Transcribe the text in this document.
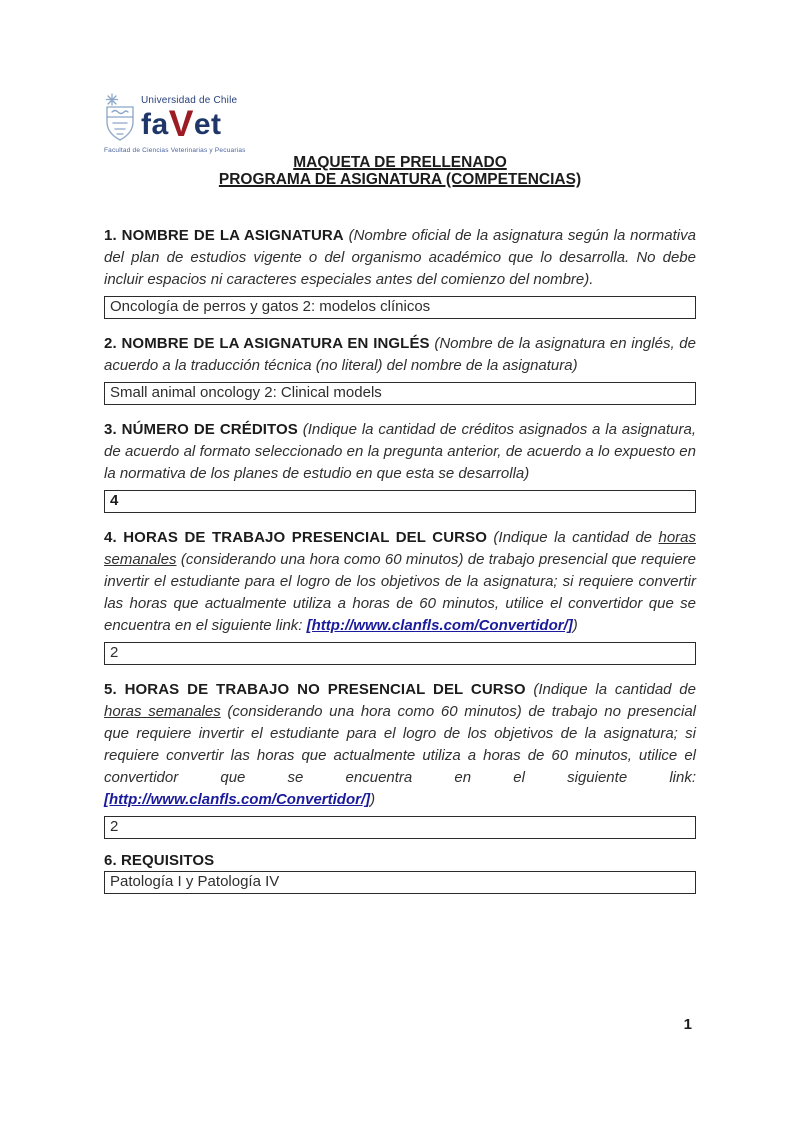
Universidad de Chile
faVet
Facultad de Ciencias Veterinarias y Pecuarias
MAQUETA DE PRELLENADO
PROGRAMA DE ASIGNATURA (COMPETENCIAS)

1. NOMBRE DE LA ASIGNATURA (Nombre oficial de la asignatura según la normativa del plan de estudios vigente o del organismo académico que lo desarrolla. No debe incluir espacios ni caracteres especiales antes del comienzo del nombre).

Oncología de perros y gatos 2: modelos clínicos

2. NOMBRE DE LA ASIGNATURA EN INGLÉS (Nombre de la asignatura en inglés, de acuerdo a la traducción técnica (no literal) del nombre de la asignatura)

Small animal oncology 2: Clinical models

3. NÚMERO DE CRÉDITOS (Indique la cantidad de créditos asignados a la asignatura, de acuerdo al formato seleccionado en la pregunta anterior, de acuerdo a lo expuesto en la normativa de los planes de estudio en que esta se desarrolla)

4

4. HORAS DE TRABAJO PRESENCIAL DEL CURSO (Indique la cantidad de horas semanales (considerando una hora como 60 minutos) de trabajo presencial que requiere invertir el estudiante para el logro de los objetivos de la asignatura; si requiere convertir las horas que actualmente utiliza a horas de 60 minutos, utilice el convertidor que se encuentra en el siguiente link: [http://www.clanfls.com/Convertidor/])

2

5. HORAS DE TRABAJO NO PRESENCIAL DEL CURSO (Indique la cantidad de horas semanales (considerando una hora como 60 minutos) de trabajo no presencial que requiere invertir el estudiante para el logro de los objetivos de la asignatura; si requiere convertir las horas que actualmente utiliza a horas de 60 minutos, utilice el convertidor que se encuentra en el siguiente link: [http://www.clanfls.com/Convertidor/])

2

6. REQUISITOS

Patología I y Patología IV
1
